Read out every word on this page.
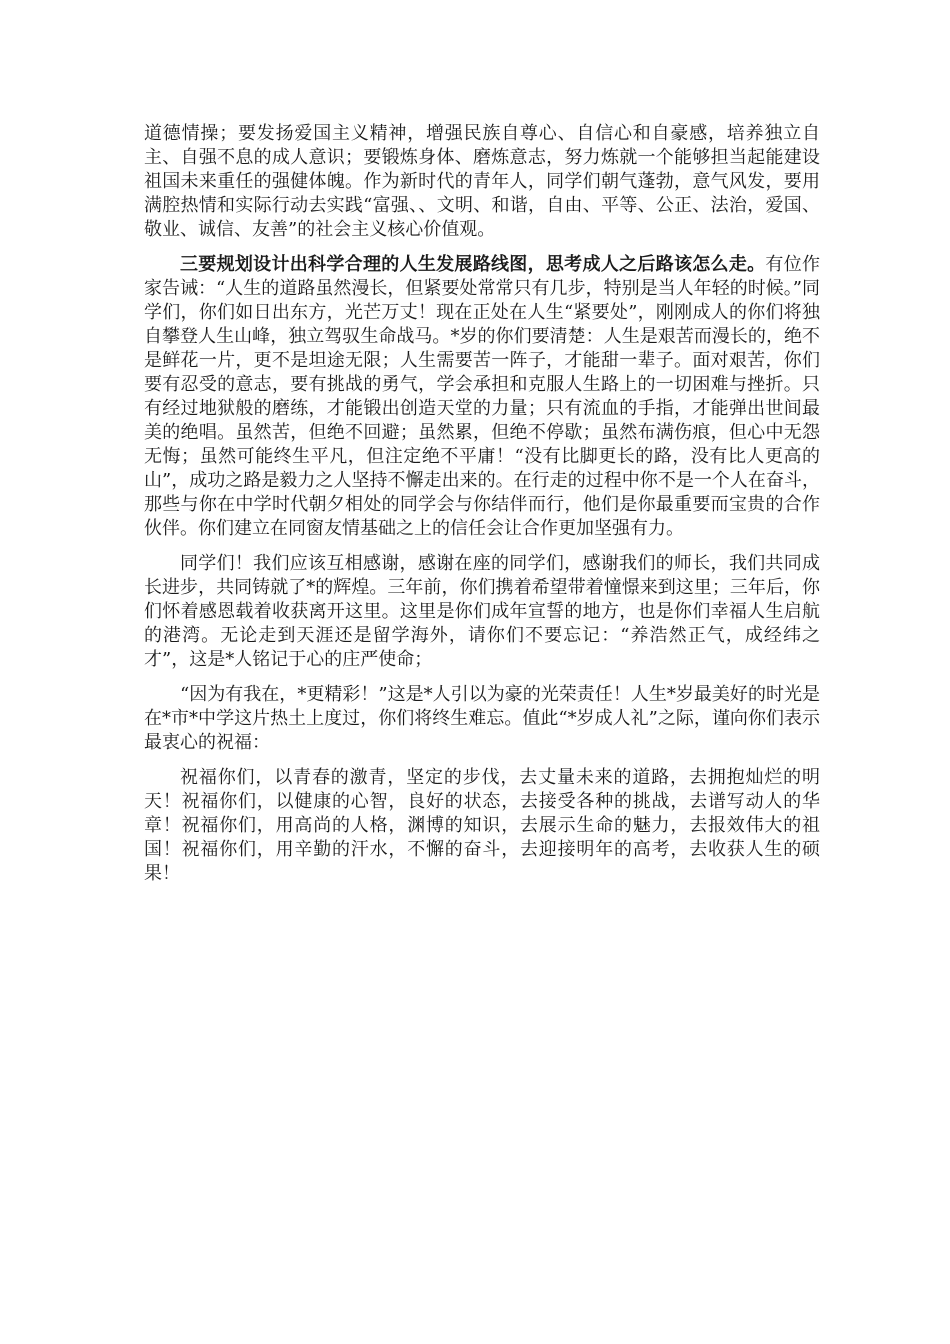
道德情操；要发扬爱国主义精神，增强民族自尊心、自信心和自豪感，培养独立自主、自强不息的成人意识；要锻炼身体、磨炼意志，努力炼就一个能够担当起能建设祖国未来重任的强健体魄。作为新时代的青年人，同学们朝气蓬勃，意气风发，要用满腔热情和实际行动去实践“富强、、文明、和谐，自由、平等、公正、法治，爱国、敬业、诚信、友善”的社会主义核心价值观。

三要规划设计出科学合理的人生发展路线图，思考成人之后路该怎么走。有位作家告诫：“人生的道路虽然漫长，但紧要处常常只有几步，特别是当人年轻的时候。”同学们，你们如日出东方，光芒万丈！现在正处在人生“紧要处”，刚刚成人的你们将独自攀登人生山峰，独立驾驭生命战马。*岁的你们要清楚：人生是艰苦而漫长的，绝不是鲜花一片，更不是坦途无限；人生需要苦一阵子，才能甜一辈子。面对艰苦，你们要有忍受的意志，要有挑战的勇气，学会承担和克服人生路上的一切困难与挫折。只有经过地狱般的磨练，才能锻出创造天堂的力量；只有流血的手指，才能弹出世间最美的绝唱。虽然苦，但绝不回避；虽然累，但绝不停歇；虽然布满伤痕，但心中无怨无悔；虽然可能终生平凡，但注定绝不平庸！“没有比脚更长的路，没有比人更高的山”，成功之路是毅力之人坚持不懈走出来的。在行走的过程中你不是一个人在奋斗，那些与你在中学时代朝夕相处的同学会与你结伴而行，他们是你最重要而宝贵的合作伙伴。你们建立在同窗友情基础之上的信任会让合作更加坚强有力。

同学们！我们应该互相感谢，感谢在座的同学们，感谢我们的师长，我们共同成长进步，共同铸就了*的辉煌。三年前，你们携着希望带着憧憬来到这里；三年后，你们怀着感恩载着收获离开这里。这里是你们成年宣誓的地方，也是你们幸福人生启航的港湾。无论走到天涯还是留学海外，请你们不要忘记：“养浩然正气，成经纬之才”，这是*人铭记于心的庄严使命；

“因为有我在，*更精彩！”这是*人引以为豪的光荣责任！人生*岁最美好的时光是在*市*中学这片热土上度过，你们将终生难忘。值此“*岁成人礼”之际，谨向你们表示最衷心的祝福：

祝福你们，以青春的激青，坚定的步伐，去丈量未来的道路，去拥抱灿烂的明天！祝福你们，以健康的心智，良好的状态，去接受各种的挑战，去谱写动人的华章！祝福你们，用高尚的人格，渊博的知识，去展示生命的魅力，去报效伟大的祖国！祝福你们，用辛勤的汗水，不懈的奋斗，去迎接明年的高考，去收获人生的硕果！
